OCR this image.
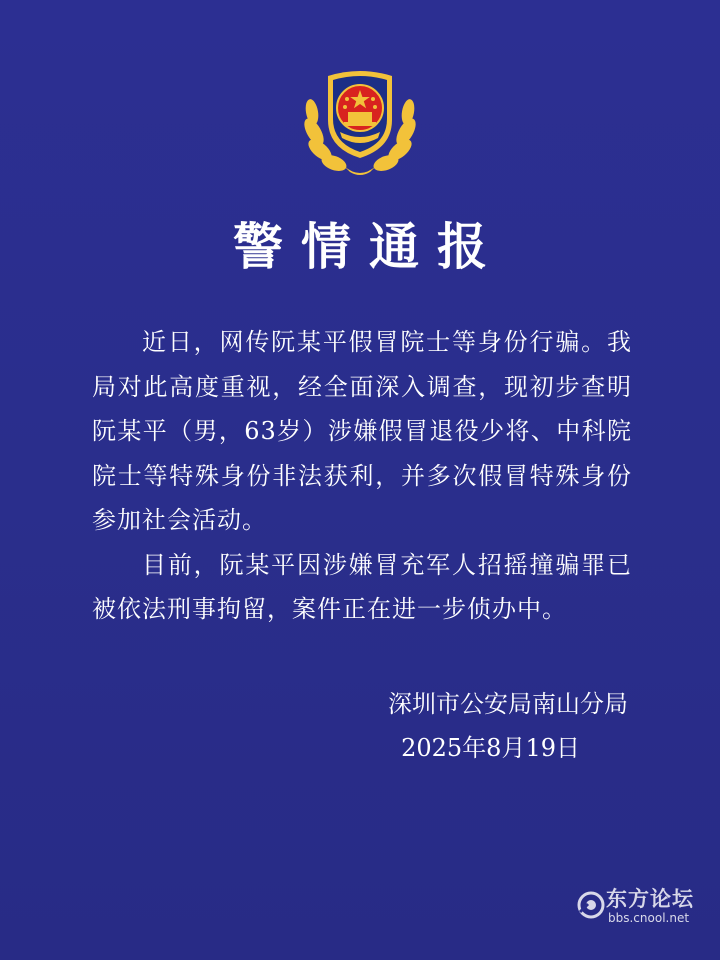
警情通报

近日，网传阮某平假冒院士等身份行骗。我局对此高度重视，经全面深入调查，现初步查明阮某平（男，63岁）涉嫌假冒退役少将、中科院院士等特殊身份非法获利，并多次假冒特殊身份参加社会活动。

目前，阮某平因涉嫌冒充军人招摇撞骗罪已被依法刑事拘留，案件正在进一步侦办中。

深圳市公安局南山分局
2025年8月19日
东方论坛
bbs.cnool.net
